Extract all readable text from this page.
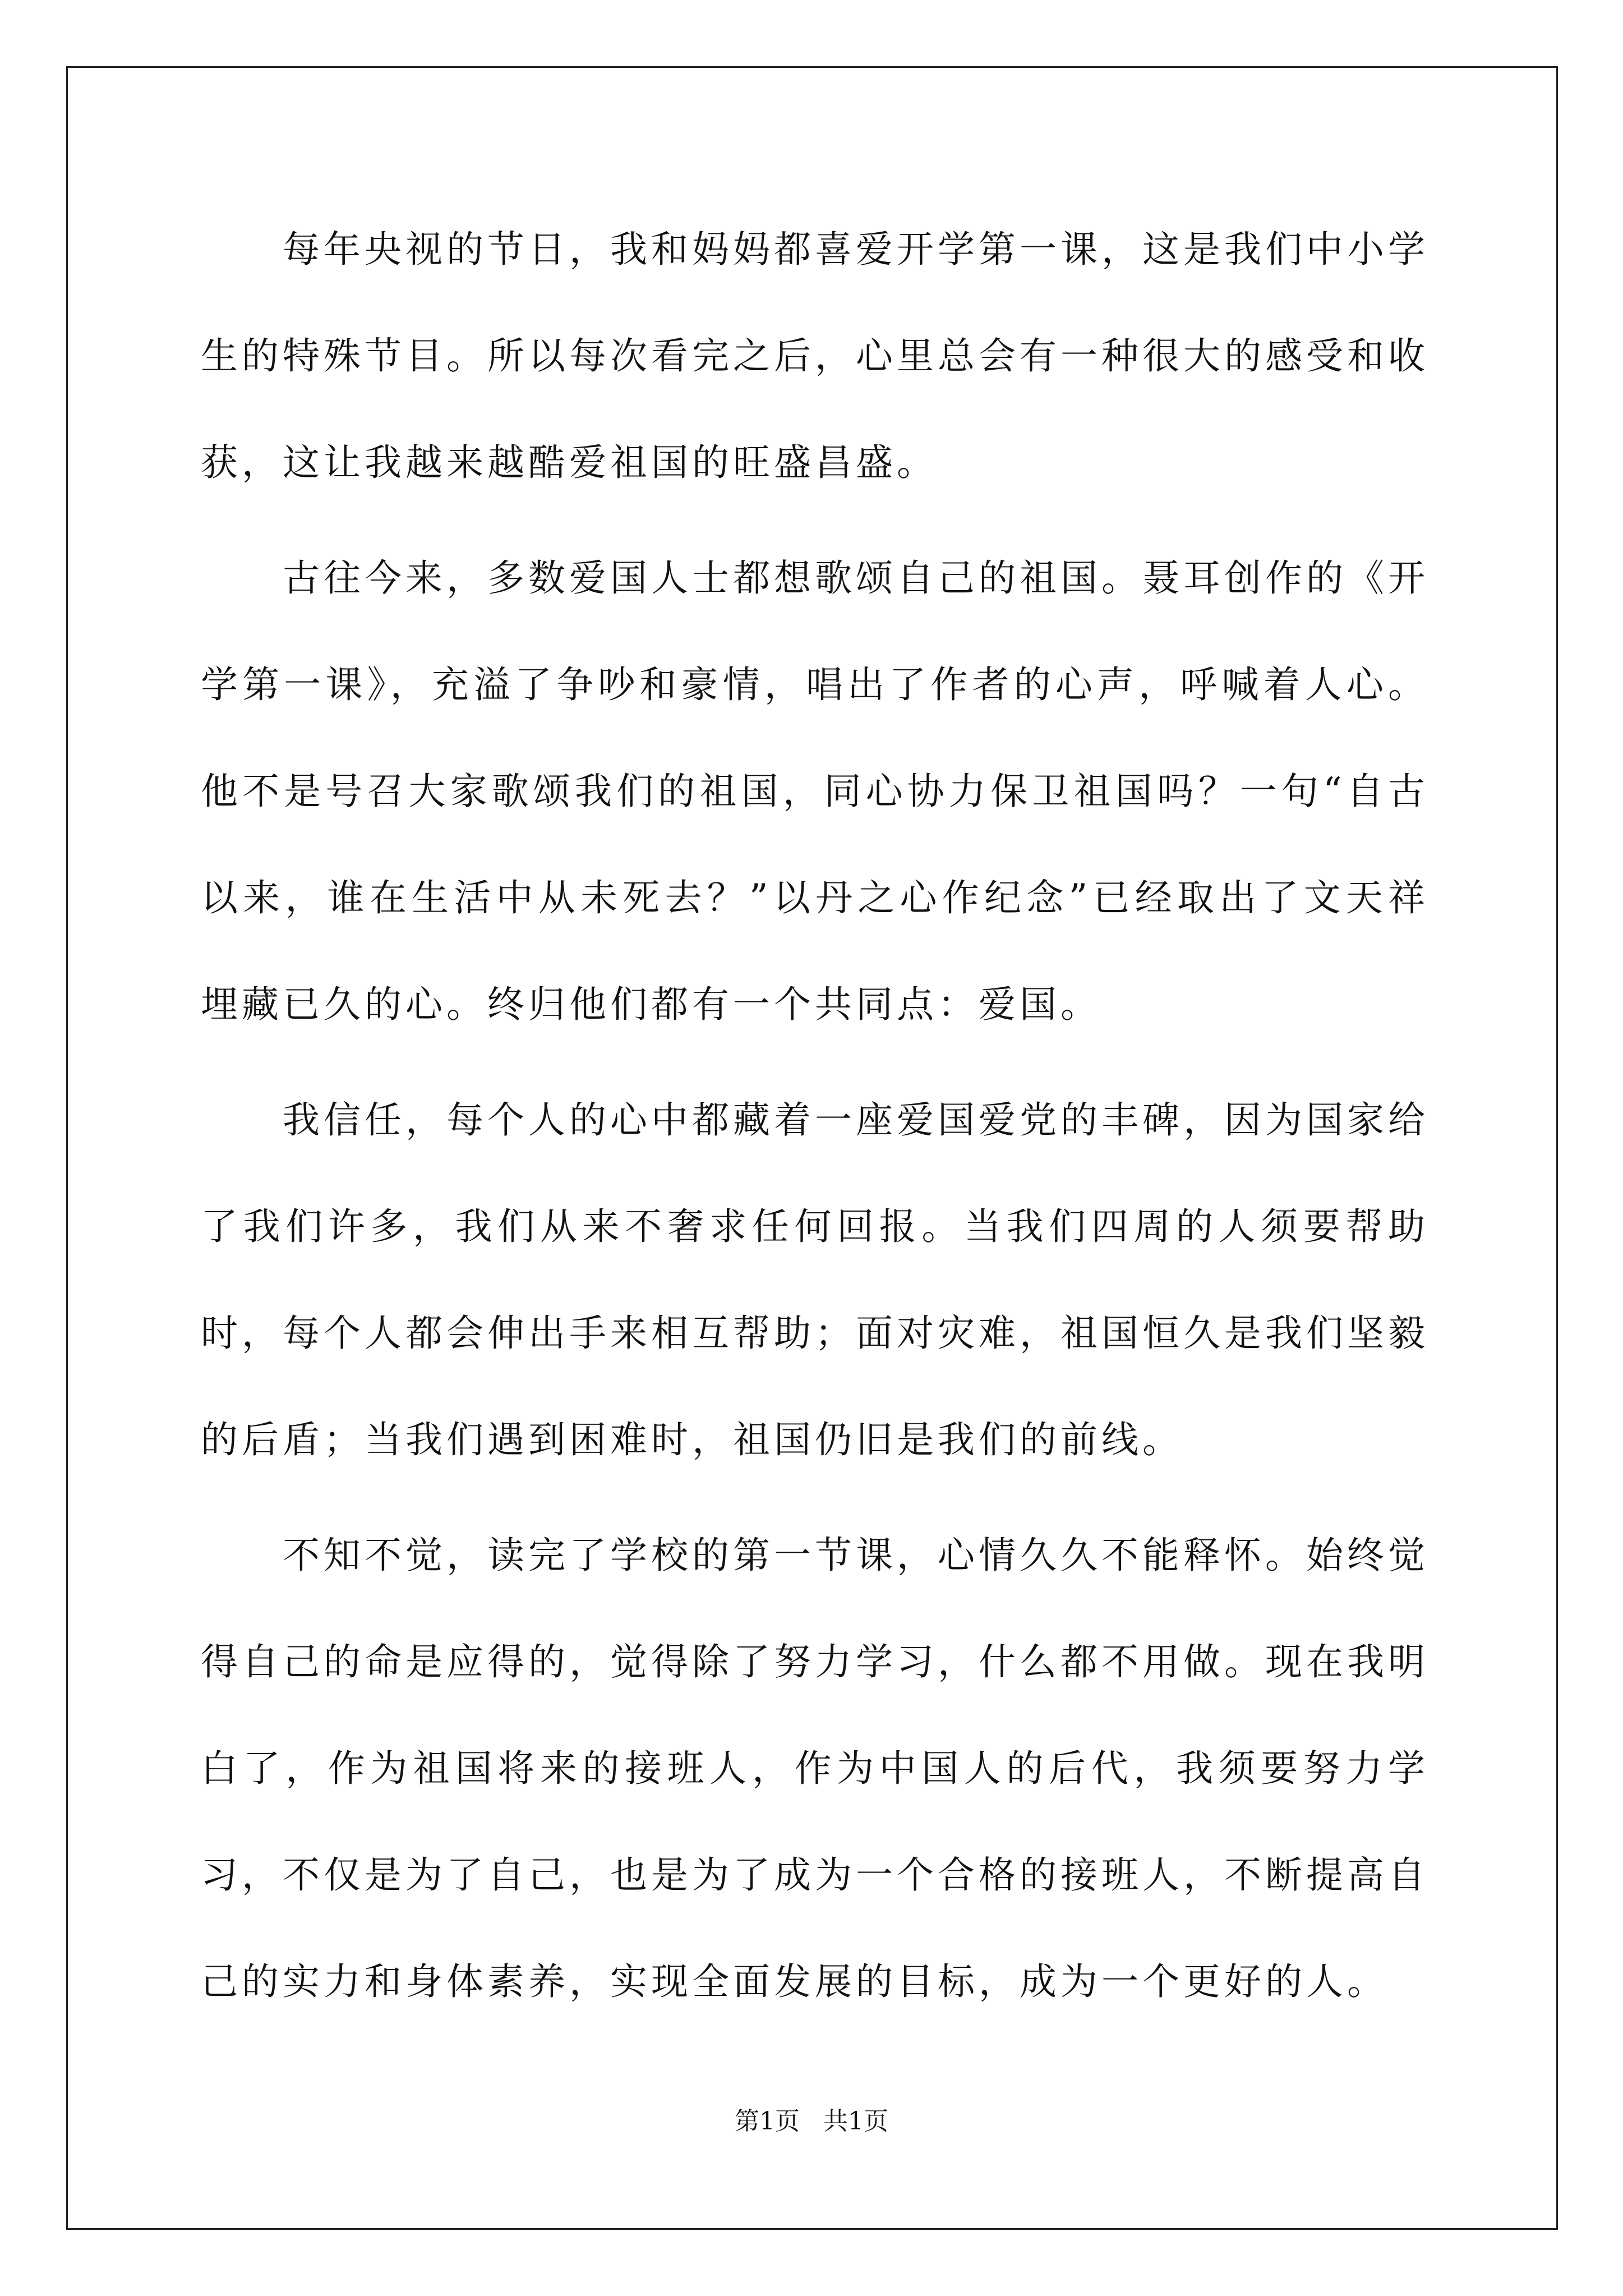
每年央视的节日，我和妈妈都喜爱开学第一课，这是我们中小学生的特殊节目。所以每次看完之后，心里总会有一种很大的感受和收获，这让我越来越酷爱祖国的旺盛昌盛。

古往今来，多数爱国人士都想歌颂自己的祖国。聂耳创作的《开学第一课》，充溢了争吵和豪情，唱出了作者的心声，呼喊着人心。他不是号召大家歌颂我们的祖国，同心协力保卫祖国吗？一句“自古以来，谁在生活中从未死去？”以丹之心作纪念”已经取出了文天祥埋藏已久的心。终归他们都有一个共同点：爱国。

我信任，每个人的心中都藏着一座爱国爱党的丰碑，因为国家给了我们许多，我们从来不奢求任何回报。当我们四周的人须要帮助时，每个人都会伸出手来相互帮助；面对灾难，祖国恒久是我们坚毅的后盾；当我们遇到困难时，祖国仍旧是我们的前线。

不知不觉，读完了学校的第一节课，心情久久不能释怀。始终觉得自己的命是应得的，觉得除了努力学习，什么都不用做。现在我明白了，作为祖国将来的接班人，作为中国人的后代，我须要努力学习，不仅是为了自己，也是为了成为一个合格的接班人，不断提高自己的实力和身体素养，实现全面发展的目标，成为一个更好的人。

第1页   共1页
